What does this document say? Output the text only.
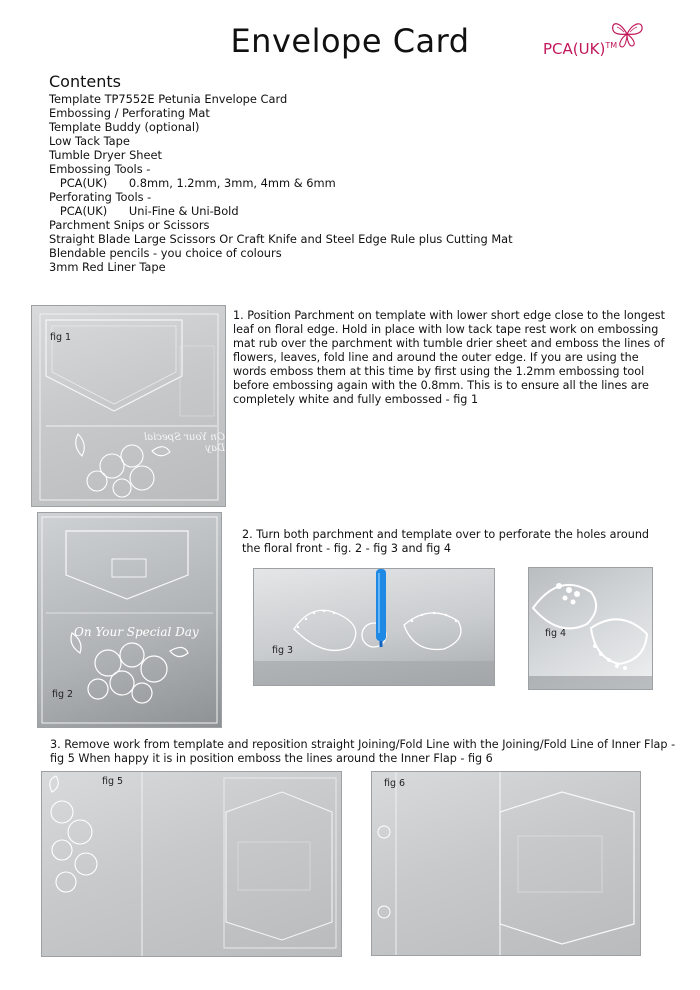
Envelope Card	PCA(UK)™
Contents
Template TP7552E Petunia Envelope Card
Embossing / Perforating Mat
Template Buddy (optional)
Low Tack Tape
Tumble Dryer Sheet
Embossing Tools -
PCA(UK)      0.8mm, 1.2mm, 3mm, 4mm & 6mm
Perforating Tools -
PCA(UK)      Uni-Fine & Uni-Bold
Parchment Snips or Scissors
Straight Blade Large Scissors Or Craft Knife and Steel Edge Rule plus Cutting Mat
Blendable pencils - you choice of colours
3mm Red Liner Tape
fig 1
On Your Special Day
1. Position Parchment on template with lower short edge close to the longest leaf on floral edge. Hold in place with low tack tape rest work on embossing mat rub over the parchment with tumble drier sheet and emboss the lines of flowers, leaves, fold line and around the outer edge. If you are using the words emboss them at this time by first using the 1.2mm embossing tool before embossing again with the 0.8mm. This is to ensure all the lines are completely white and fully embossed - fig 1
On Your Special Day
fig 2
2. Turn both parchment and template over to perforate the holes around the floral front - fig. 2 - fig 3 and fig 4
fig 3
fig 4
3. Remove work from template and reposition straight Joining/Fold Line with the Joining/Fold Line of Inner Flap - fig 5 When happy it is in position emboss the lines around the Inner Flap - fig 6
fig 5	fig 6
